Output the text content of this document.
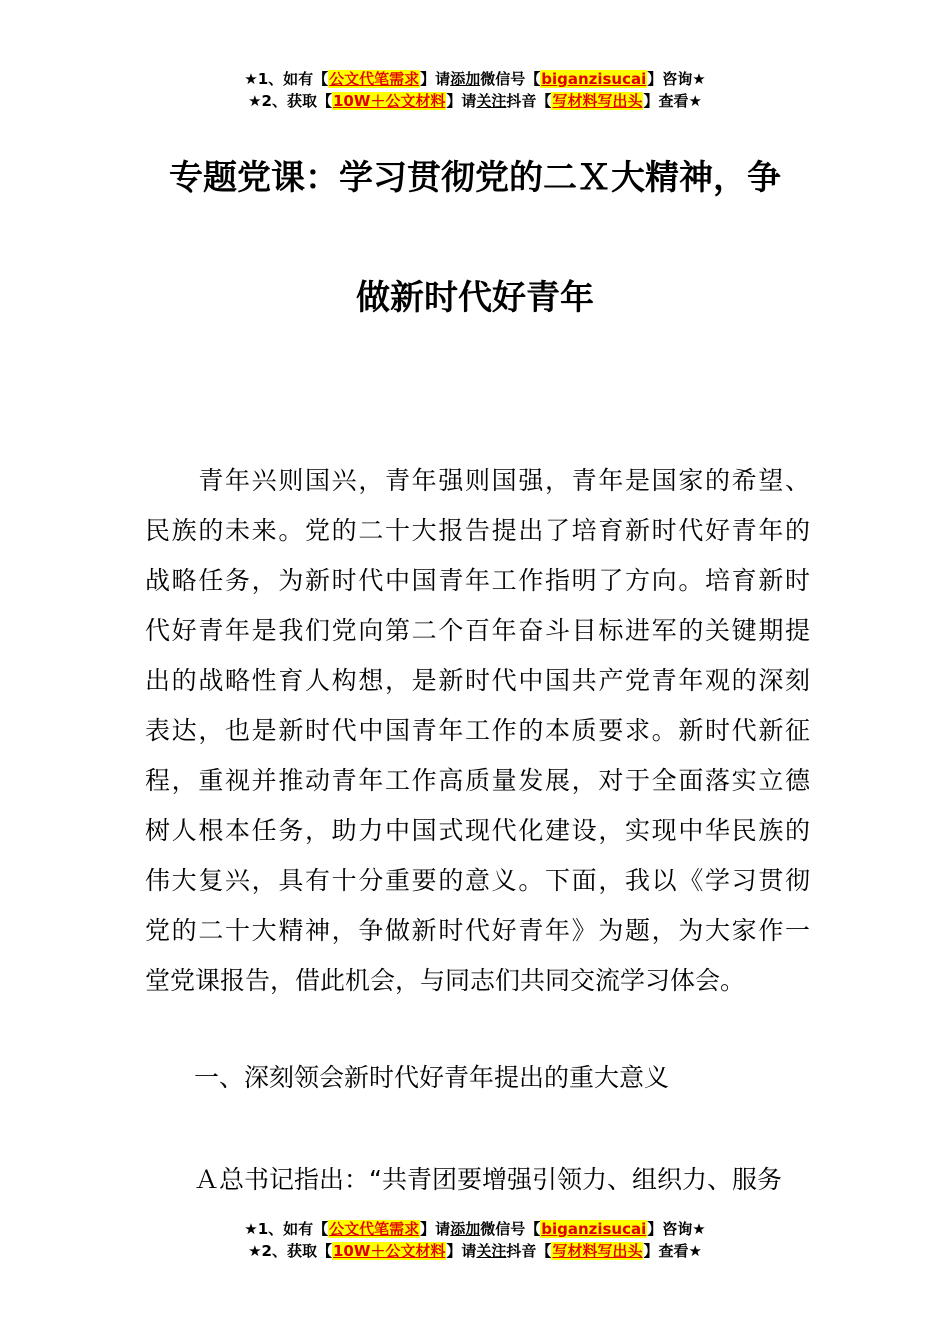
★1、如有【公文代笔需求】请添加微信号【biganzisucai】咨询★
★2、获取【10W＋公文材料】请关注抖音【写材料写出头】查看★
专题党课：学习贯彻党的二Ｘ大精神，争
做新时代好青年
　　青年兴则国兴，青年强则国强，青年是国家的希望、
民族的未来。党的二十大报告提出了培育新时代好青年的
战略任务，为新时代中国青年工作指明了方向。培育新时
代好青年是我们党向第二个百年奋斗目标进军的关键期提
出的战略性育人构想，是新时代中国共产党青年观的深刻
表达，也是新时代中国青年工作的本质要求。新时代新征
程，重视并推动青年工作高质量发展，对于全面落实立德
树人根本任务，助力中国式现代化建设，实现中华民族的
伟大复兴，具有十分重要的意义。下面，我以《学习贯彻
党的二十大精神，争做新时代好青年》为题，为大家作一
堂党课报告，借此机会，与同志们共同交流学习体会。
一、深刻领会新时代好青年提出的重大意义
Ａ总书记指出：“共青团要增强引领力、组织力、服务
★1、如有【公文代笔需求】请添加微信号【biganzisucai】咨询★
★2、获取【10W＋公文材料】请关注抖音【写材料写出头】查看★
